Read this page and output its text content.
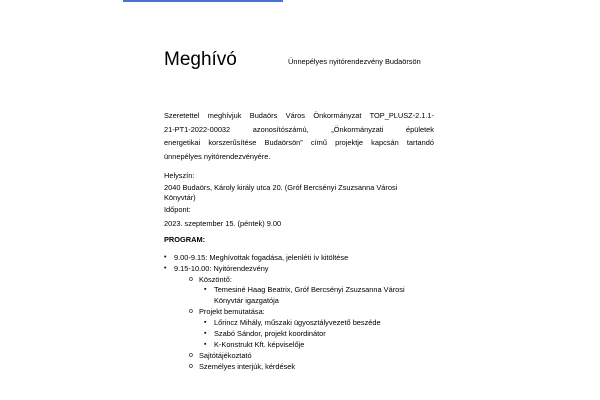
Meghívó	Ünnepélyes nyitórendezvény Budaörsön
Szeretettel meghívjuk Budaörs Város Önkormányzat TOP_PLUSZ-2.1.1-
21-PT1-2022-00032 azonosítószámú, „Önkormányzati épületek
energetikai korszerűsítése Budaörsön” című projektje kapcsán tartandó
ünnepélyes nyitórendezvényére.
Helyszín:
2040 Budaörs, Károly király utca 20. (Gróf Bercsényi Zsuzsanna Városi
Könyvtár)
Időpont:
2023. szeptember 15. (péntek) 9.00
PROGRAM:
• 9.00-9.15: Meghívottak fogadása, jelenléti ív kitöltése
• 9.15-10.00: Nyitórendezvény
o Köszöntő:
▪ Temesiné Haag Beatrix, Gróf Bercsényi Zsuzsanna Városi Könyvtár igazgatója
o Projekt bemutatása:
▪ Lőrincz Mihály, műszaki ügyosztályvezető beszéde
▪ Szabó Sándor, projekt koordinátor
▪ K-Konstrukt Kft. képviselője
o Sajtótájékoztató
o Személyes interjúk, kérdések
